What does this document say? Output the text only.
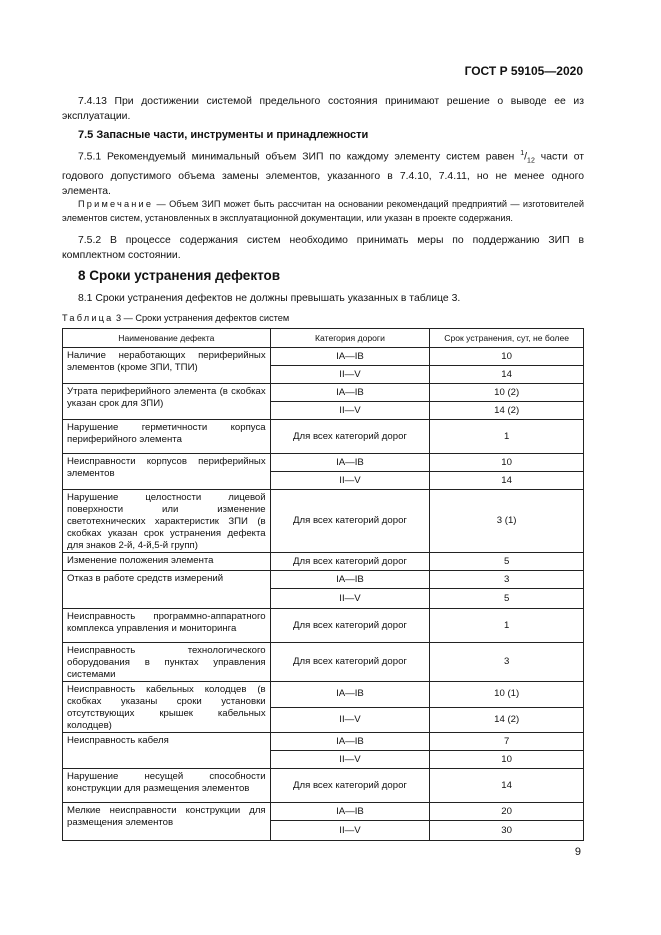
ГОСТ Р 59105—2020
7.4.13 При достижении системой предельного состояния принимают решение о выводе ее из эксплуатации.
7.5 Запасные части, инструменты и принадлежности
7.5.1 Рекомендуемый минимальный объем ЗИП по каждому элементу систем равен $^1/_{12}$ части от годового допустимого объема замены элементов, указанного в 7.4.10, 7.4.11, но не менее одного элемента.
Примечание — Объем ЗИП может быть рассчитан на основании рекомендаций предприятий — изготовителей элементов систем, установленных в эксплуатационной документации, или указан в проекте содержания.
7.5.2 В процессе содержания систем необходимо принимать меры по поддержанию ЗИП в комплектном состоянии.
8 Сроки устранения дефектов
8.1 Сроки устранения дефектов не должны превышать указанных в таблице 3.
Таблица 3 — Сроки устранения дефектов систем
Наименование дефекта	Категория дороги	Срок устранения, сут, не более
Наличие неработающих периферийных элементов (кроме ЗПИ, ТПИ)	IA—IB	10
	II—V	14
Утрата периферийного элемента (в скобках указан срок для ЗПИ)	IA—IB	10 (2)
	II—V	14 (2)
Нарушение герметичности корпуса периферийного элемента	Для всех категорий дорог	1
Неисправности корпусов периферийных элементов	IA—IB	10
	II—V	14
Нарушение целостности лицевой поверхности или изменение светотехнических характеристик ЗПИ (в скобках указан срок устранения дефекта для знаков 2-й, 4-й,5-й групп)	Для всех категорий дорог	3 (1)
Изменение положения элемента	Для всех категорий дорог	5
Отказ в работе средств измерений	IA—IB	3
	II—V	5
Неисправность программно-аппаратного комплекса управления и мониторинга	Для всех категорий дорог	1
Неисправность технологического оборудования в пунктах управления системами	Для всех категорий дорог	3
Неисправность кабельных колодцев (в скобках указаны сроки установки отсутствующих крышек кабельных колодцев)	IA—IB	10 (1)
	II—V	14 (2)
Неисправность кабеля	IA—IB	7
	II—V	10
Нарушение несущей способности конструкции для размещения элементов	Для всех категорий дорог	14
Мелкие неисправности конструкции для размещения элементов	IA—IB	20
	II—V	30
9
